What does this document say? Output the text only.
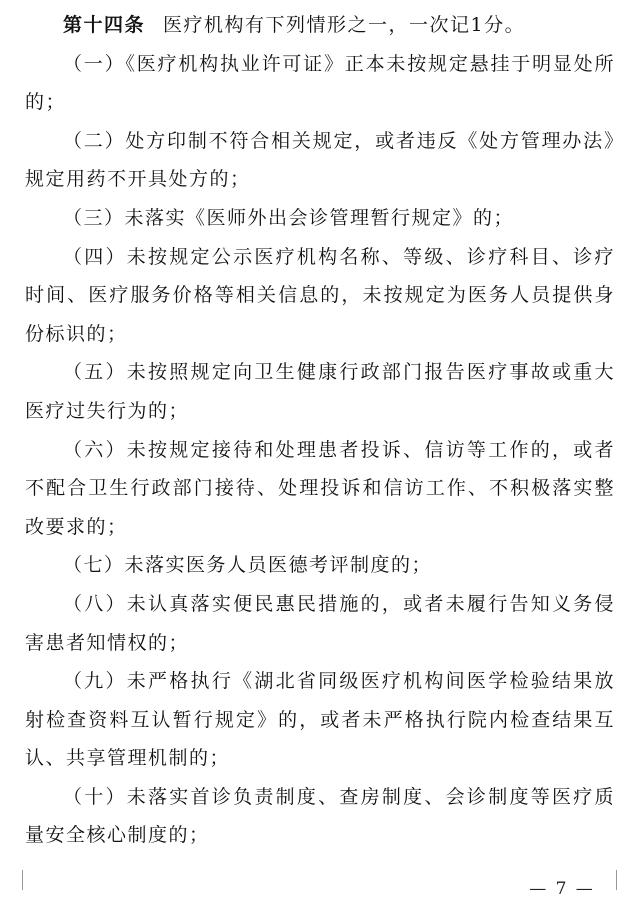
第十四条 医疗机构有下列情形之一，一次记1分。

（一）《医疗机构执业许可证》正本未按规定悬挂于明显处所的；

（二）处方印制不符合相关规定，或者违反《处方管理办法》规定用药不开具处方的；

（三）未落实《医师外出会诊管理暂行规定》的；

（四）未按规定公示医疗机构名称、等级、诊疗科目、诊疗时间、医疗服务价格等相关信息的，未按规定为医务人员提供身份标识的；

（五）未按照规定向卫生健康行政部门报告医疗事故或重大医疗过失行为的；

（六）未按规定接待和处理患者投诉、信访等工作的，或者不配合卫生行政部门接待、处理投诉和信访工作、不积极落实整改要求的；

（七）未落实医务人员医德考评制度的；

（八）未认真落实便民惠民措施的，或者未履行告知义务侵害患者知情权的；

（九）未严格执行《湖北省同级医疗机构间医学检验结果放射检查资料互认暂行规定》的，或者未严格执行院内检查结果互认、共享管理机制的；

（十）未落实首诊负责制度、查房制度、会诊制度等医疗质量安全核心制度的；

— 7 —
